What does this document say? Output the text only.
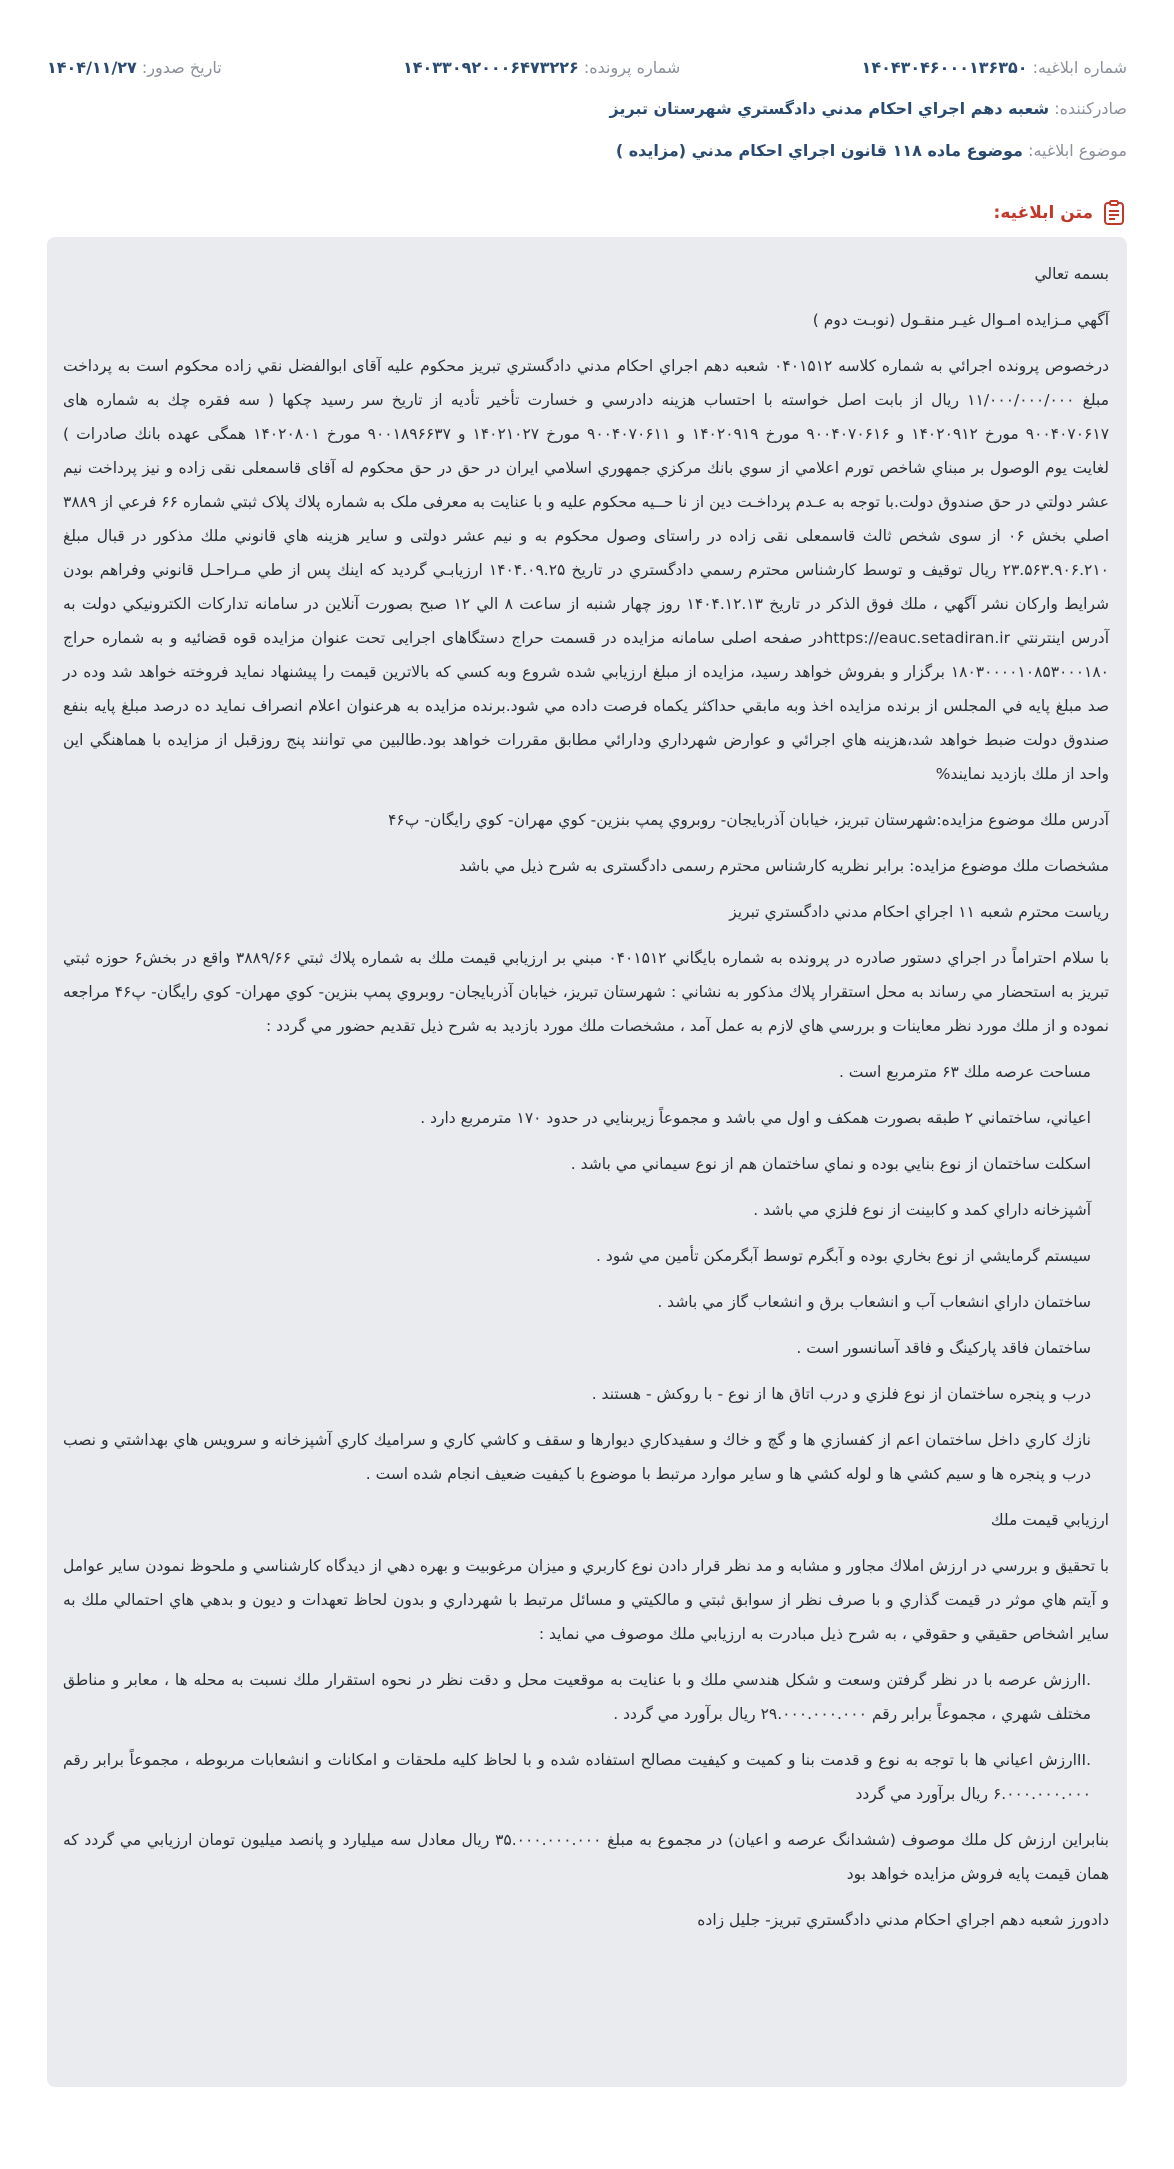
شماره ابلاغیه: ۱۴۰۴۳۰۴۶۰۰۰۱۳۶۳۵۰
شماره پرونده: ۱۴۰۳۳۰۹۲۰۰۰۶۴۷۳۲۲۶
تاریخ صدور: ۱۴۰۴/۱۱/۲۷
صادرکننده: شعبه دهم اجراي احكام مدني دادگستري شهرستان تبريز
موضوع ابلاغیه: موضوع ماده ۱۱۸ قانون اجراي احكام مدني (مزايده )
متن ابلاغیه:

بسمه تعالي

آگهي مـزايده امـوال غيـر منقـول (نوبـت دوم )

درخصوص پرونده اجرائي به شماره كلاسه ۰۴۰۱۵۱۲ شعبه دهم اجراي احكام مدني دادگستري تبريز محکوم علیه آقای ابوالفضل نقي زاده محكوم است به پرداخت مبلغ ۱۱/۰۰۰/۰۰۰/۰۰۰ ريال از بابت اصل خواسته با احتساب هزينه دادرسي و خسارت تأخير تأديه از تاريخ سر رسيد چكها ( سه فقره چك به شماره های ۹۰۰۴۰۷۰۶۱۷ مورخ ۱۴۰۲۰۹۱۲ و ۹۰۰۴۰۷۰۶۱۶ مورخ ۱۴۰۲۰۹۱۹ و ۹۰۰۴۰۷۰۶۱۱ مورخ ۱۴۰۲۱۰۲۷ و ۹۰۰۱۸۹۶۶۳۷ مورخ ۱۴۰۲۰۸۰۱ همگی عهده بانك صادرات ) لغايت يوم الوصول بر مبناي شاخص تورم اعلامي از سوي بانك مركزي جمهوري اسلامي ايران در حق در حق محکوم له آقای قاسمعلی نقی زاده و نيز پرداخت نيم عشر دولتي در حق صندوق دولت.با توجه به عـدم پرداخـت دين از نا حــيه محكوم عليه و با عنايت به معرفی ملک به شماره پلاك پلاک ثبتي شماره ۶۶ فرعي از ۳۸۸۹ اصلي بخش ۰۶ از سوی شخص ثالث قاسمعلی نقی زاده در راستای وصول محکوم به و نیم عشر دولتی و ساير هزينه هاي قانوني ملك مذكور در قبال مبلغ ۲۳.۵۶۳.۹۰۶.۲۱۰ ريال توقيف و توسط كارشناس محترم رسمي دادگستري در تاريخ ۱۴۰۴.۰۹.۲۵ ارزيابـي گرديد كه اينك پس از طي مـراحـل قانوني وفراهم بودن شرايط واركان نشر آگهي ، ملك فوق الذكر در تاريخ ۱۴۰۴.۱۲.۱۳ روز چهار شنبه از ساعت ۸ الي ۱۲ صبح بصورت آنلاين در سامانه تداركات الكترونيكي دولت به آدرس اينترنتي https://eauc.setadiran.irدر صفحه اصلی سامانه مزایده در قسمت حراج دستگاهای اجرایی تحت عنوان مزايده قوه قضائيه و به شماره حراج ۱۸۰۳۰۰۰۰۱۰۸۵۳۰۰۰۱۸۰ برگزار و بفروش خواهد رسيد، مزايده از مبلغ ارزيابي شده شروع وبه كسي كه بالاترين قيمت را پيشنهاد نمايد فروخته خواهد شد وده در صد مبلغ پايه في المجلس از برنده مزايده اخذ وبه مابقي حداكثر يكماه فرصت داده مي شود.برنده مزايده به هرعنوان اعلام انصراف نمايد ده درصد مبلغ پايه بنفع صندوق دولت ضبط خواهد شد،هزينه هاي اجرائي و عوارض شهرداري ودارائي مطابق مقررات خواهد بود.طالبين مي توانند پنج روزقبل از مزايده با هماهنگي اين واحد از ملك بازديد نمايند%

آدرس ملك موضوع مزايده:شهرستان تبريز، خيابان آذربايجان- روبروي پمپ بنزين- كوي مهران- كوي رايگان- پ۴۶

مشخصات ملك موضوع مزايده: برابر نظريه كارشناس محترم رسمی دادگستری به شرح ذيل مي باشد

رياست محترم شعبه ۱۱ اجراي احكام مدني دادگستري تبريز

با سلام احتراماً در اجراي دستور صادره در پرونده به شماره بايگاني ۰۴۰۱۵۱۲ مبني بر ارزيابي قيمت ملك به شماره پلاك ثبتي ۳۸۸۹/۶۶ واقع در بخش۶ حوزه ثبتي تبريز به استحضار مي رساند به محل استقرار پلاك مذكور به نشاني : شهرستان تبريز، خيابان آذربايجان- روبروي پمپ بنزين- كوي مهران- كوي رايگان- پ۴۶ مراجعه نموده و از ملك مورد نظر معاينات و بررسي هاي لازم به عمل آمد ، مشخصات ملك مورد بازديد به شرح ذيل تقديم حضور مي گردد :

مساحت عرصه ملك ۶۳ مترمربع است .

اعياني، ساختماني ۲ طبقه بصورت همكف و اول مي باشد و مجموعاً زيربنايي در حدود ۱۷۰ مترمربع دارد .

اسكلت ساختمان از نوع بنايي بوده و نماي ساختمان هم از نوع سيماني مي باشد .

آشپزخانه داراي كمد و كابينت از نوع فلزي مي باشد .

سيستم گرمايشي از نوع بخاري بوده و آبگرم توسط آبگرمكن تأمين مي شود .

ساختمان داراي انشعاب آب و انشعاب برق و انشعاب گاز مي باشد .

ساختمان فاقد پاركينگ و فاقد آسانسور است .

درب و پنجره ساختمان از نوع فلزي و درب اتاق ها از نوع - با روكش - هستند .

نازك كاري داخل ساختمان اعم از كفسازي ها و گچ و خاك و سفيدكاري ديوارها و سقف و كاشي كاري و سراميك كاري آشپزخانه و سرويس هاي بهداشتي و نصب درب و پنجره ها و سيم كشي ها و لوله كشي ها و ساير موارد مرتبط با موضوع با كيفيت ضعيف انجام شده است .

ارزيابي قيمت ملك

با تحقيق و بررسي در ارزش املاك مجاور و مشابه و مد نظر قرار دادن نوع كاربري و ميزان مرغوبيت و بهره دهي از ديدگاه كارشناسي و ملحوظ نمودن ساير عوامل و آيتم هاي موثر در قيمت گذاري و با صرف نظر از سوابق ثبتي و مالكيتي و مسائل مرتبط با شهرداري و بدون لحاظ تعهدات و ديون و بدهي هاي احتمالي ملك به ساير اشخاص حقيقي و حقوقي ، به شرح ذيل مبادرت به ارزيابي ملك موصوف مي نمايد :

.Iارزش عرصه با در نظر گرفتن وسعت و شكل هندسي ملك و با عنايت به موقعيت محل و دقت نظر در نحوه استقرار ملك نسبت به محله ها ، معابر و مناطق مختلف شهري ، مجموعاً برابر رقم ۲۹.۰۰۰.۰۰۰.۰۰۰ ريال برآورد مي گردد .

.IIارزش اعياني ها با توجه به نوع و قدمت بنا و كميت و كيفيت مصالح استفاده شده و با لحاظ كليه ملحقات و امكانات و انشعابات مربوطه ، مجموعاً برابر رقم ۶.۰۰۰.۰۰۰.۰۰۰ ريال برآورد مي گردد

بنابراين ارزش كل ملك موصوف (ششدانگ عرصه و اعيان) در مجموع به مبلغ ۳۵.۰۰۰.۰۰۰.۰۰۰ ريال معادل سه ميليارد و پانصد ميليون تومان ارزيابي مي گردد كه همان قيمت پايه فروش مزايده خواهد بود

دادورز شعبه دهم اجراي احكام مدني دادگستري تبريز- جليل زاده
